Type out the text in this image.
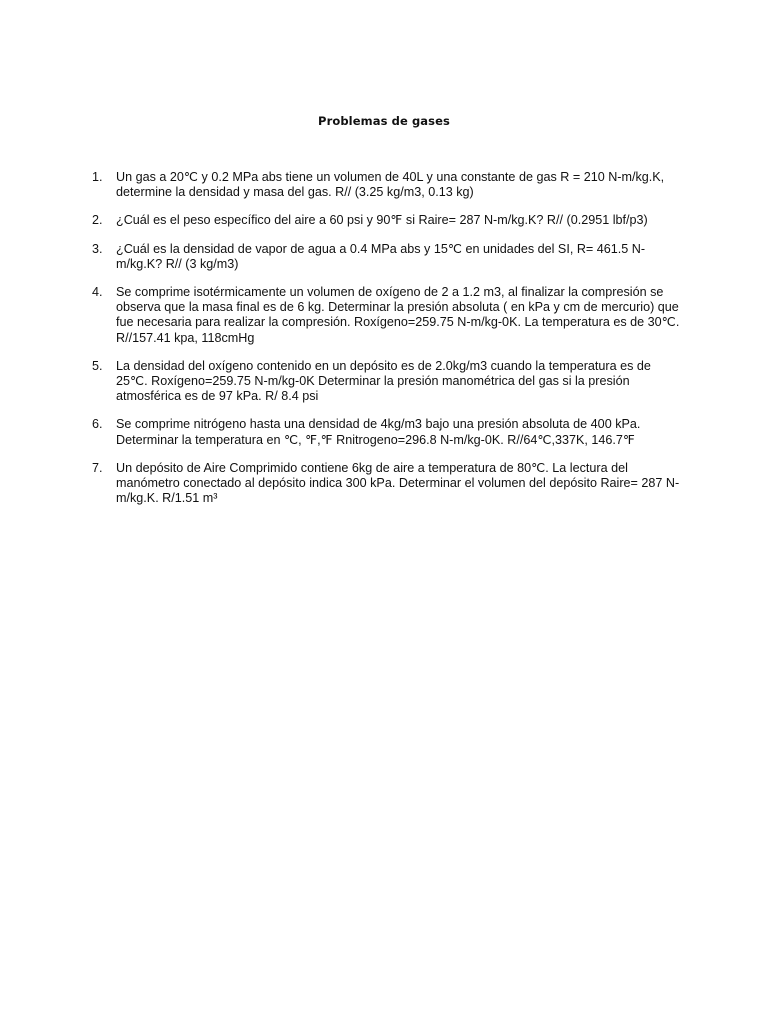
Problemas de gases
1. Un gas a 20℃ y 0.2 MPa abs tiene un volumen de 40L y una constante de gas R = 210 N-m/kg.K, determine la densidad y masa del gas. R// (3.25 kg/m3, 0.13 kg)
2. ¿Cuál es el peso específico del aire a 60 psi y 90℉ si Raire= 287 N-m/kg.K? R// (0.2951 lbf/p3)
3. ¿Cuál es la densidad de vapor de agua a 0.4 MPa abs y 15℃ en unidades del SI, R= 461.5 N-m/kg.K? R// (3 kg/m3)
4. Se comprime isotérmicamente un volumen de oxígeno de 2 a 1.2 m3, al finalizar la compresión se observa que la masa final es de 6 kg. Determinar la presión absoluta ( en kPa y cm de mercurio) que fue necesaria para realizar la compresión. Roxígeno=259.75 N-m/kg-0K. La temperatura es de 30℃. R//157.41 kpa, 118cmHg
5. La densidad del oxígeno contenido en un depósito es de 2.0kg/m3 cuando la temperatura es de 25℃. Roxígeno=259.75 N-m/kg-0K Determinar la presión manométrica del gas si la presión atmosférica es de 97 kPa. R/ 8.4 psi
6. Se comprime nitrógeno hasta una densidad de 4kg/m3 bajo una presión absoluta de 400 kPa. Determinar la temperatura en ℃, ℉,℉ Rnitrogeno=296.8 N-m/kg-0K. R//64℃,337K, 146.7℉
7. Un depósito de Aire Comprimido contiene 6kg de aire a temperatura de 80℃. La lectura del manómetro conectado al depósito indica 300 kPa. Determinar el volumen del depósito Raire= 287 N-m/kg.K. R/1.51 m³
